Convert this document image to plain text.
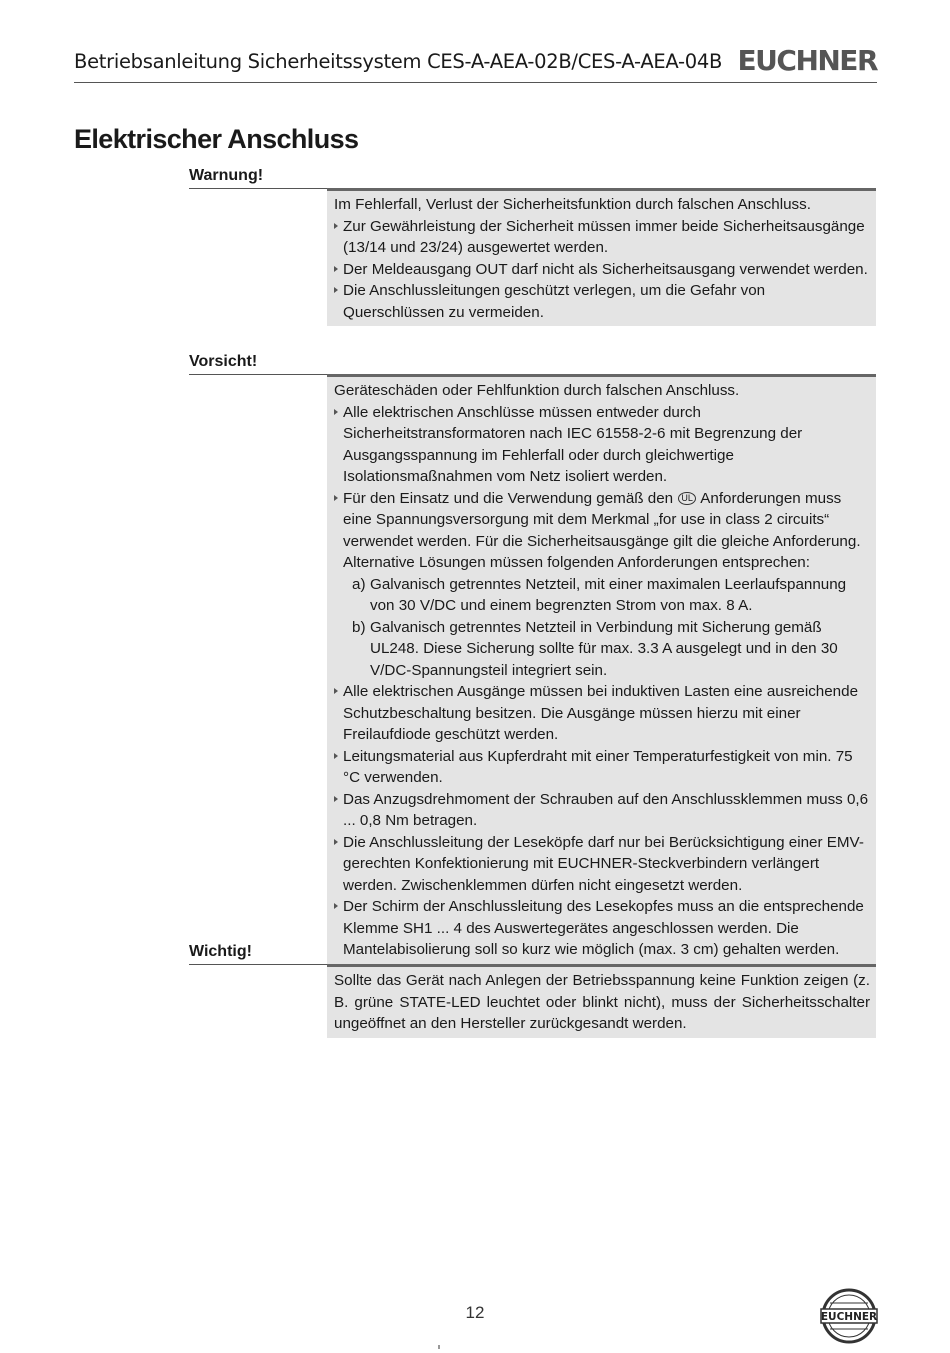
Betriebsanleitung Sicherheitssystem CES-A-AEA-02B/CES-A-AEA-04B EUCHNER
Elektrischer Anschluss
Warnung!

Im Fehlerfall, Verlust der Sicherheitsfunktion durch falschen Anschluss.

Zur Gewährleistung der Sicherheit müssen immer beide Sicherheitsausgänge (13/14 und 23/24) ausgewertet werden.

Der Meldeausgang OUT darf nicht als Sicherheitsausgang verwendet werden.

Die Anschlussleitungen geschützt verlegen, um die Gefahr von Querschlüssen zu vermeiden.

Vorsicht!

Geräteschäden oder Fehlfunktion durch falschen Anschluss.

Alle elektrischen Anschlüsse müssen entweder durch Sicherheitstransformatoren nach IEC 61558-2-6 mit Begrenzung der Ausgangsspannung im Fehlerfall oder durch gleichwertige Isolationsmaßnahmen vom Netz isoliert werden.

Für den Einsatz und die Verwendung gemäß den UL Anforderungen muss eine Spannungsversorgung mit dem Merkmal „for use in class 2 circuits“ verwendet werden. Für die Sicherheitsausgänge gilt die gleiche Anforderung. Alternative Lösungen müssen folgenden Anforderungen entsprechen:

a) Galvanisch getrenntes Netzteil, mit einer maximalen Leerlaufspannung von 30 V/DC und einem begrenzten Strom von max. 8 A.

b) Galvanisch getrenntes Netzteil in Verbindung mit Sicherung gemäß UL248. Diese Sicherung sollte für max. 3.3 A ausgelegt und in den 30 V/DC-Spannungsteil integriert sein.

Alle elektrischen Ausgänge müssen bei induktiven Lasten eine ausreichende Schutzbeschaltung besitzen. Die Ausgänge müssen hierzu mit einer Freilaufdiode geschützt werden.

Leitungsmaterial aus Kupferdraht mit einer Temperaturfestigkeit von min. 75 °C verwenden.

Das Anzugsdrehmoment der Schrauben auf den Anschlussklemmen muss 0,6 ... 0,8 Nm betragen.

Die Anschlussleitung der Leseköpfe darf nur bei Berücksichtigung einer EMV-gerechten Konfektionierung mit EUCHNER-Steckverbindern verlängert werden. Zwischenklemmen dürfen nicht eingesetzt werden.

Der Schirm der Anschlussleitung des Lesekopfes muss an die entsprechende Klemme SH1 ... 4 des Auswertegerätes angeschlossen werden. Die Mantelabisolierung soll so kurz wie möglich (max. 3 cm) gehalten werden.

Wichtig!

Sollte das Gerät nach Anlegen der Betriebsspannung keine Funktion zeigen (z. B. grüne STATE-LED leuchtet oder blinkt nicht), muss der Sicherheitsschalter ungeöffnet an den Hersteller zurückgesandt werden.

12	EUCHNER
